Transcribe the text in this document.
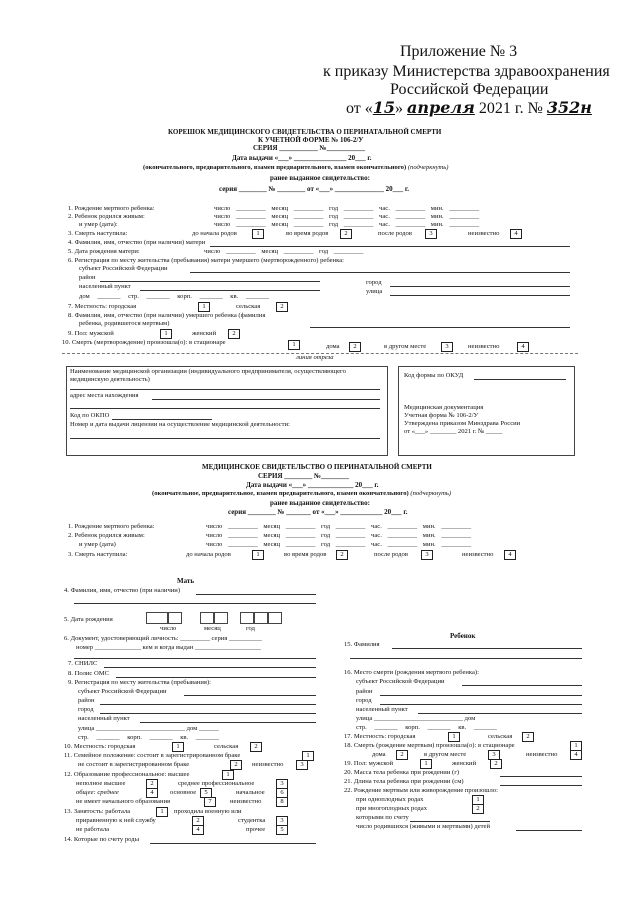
Приложение № 3
к приказу Министерства здравоохранения
Российской Федерации
от «15» апреля 2021 г. № 352н
КОРЕШОК МЕДИЦИНСКОГО СВИДЕТЕЛЬСТВА О ПЕРИНАТАЛЬНОЙ СМЕРТИ
К УЧЕТНОЙ ФОРМЕ № 106-2/У
СЕРИЯ ___________ №___________
Дата выдачи «___» _______________ 20___ г.
(окончательного, предварительного, взамен предварительного, взамен окончательного) (подчеркнуть)
ранее выданное свидетельство:
серия ________ № ________ от «___» ______________ 20___ г.
1. Рождение мертвого ребенка:	число _________ месяц _________ год _________ час. _________ мин. _________
2. Ребенок родился живым:	число _________ месяц _________ год _________ час. _________ мин. _________
и умер (дата):	число _________ месяц _________ год _________ час. _________ мин. _________
3. Смерть наступила:	до начала родов	1	во время родов	2	после родов	3	неизвестно	4
4. Фамилия, имя, отчество (при наличии) матери
5. Дата рождения матери:	число _________ месяц _________ год _________
6. Регистрация по месту жительства (пребывания) матери умершего (мертворожденного) ребенка:
субъект Российской Федерации
район
город
населенный пункт
улица
дом _______ стр. _______ корп. _______ кв. _______
7. Местность: городская	1	сельская	2
8. Фамилия, имя, отчество (при наличии) умершего ребенка (фамилия
ребенка, родившегося мертвым)
9. Пол: мужской	1	женский	2
10. Смерть (мертворождение) произошла(о): в стационаре	1	дома	2	в другом месте	3	неизвестно	4
линия отреза
Наименование медицинской организации (индивидуального предпринимателя, осуществляющего медицинскую деятельность)
адрес места нахождения
Код по ОКПО
Номер и дата выдачи лицензии на осуществление медицинской деятельности:
Код формы по ОКУД
Медицинская документация
Учетная форма № 106-2/У
Утверждена приказом Минздрава России
от «___» ________ 2021 г. № _____
МЕДИЦИНСКОЕ СВИДЕТЕЛЬСТВО О ПЕРИНАТАЛЬНОЙ СМЕРТИ
СЕРИЯ ________ №________
Дата выдачи «___» _____________ 20___ г.
(окончательное, предварительное, взамен предварительного, взамен окончательного) (подчеркнуть)
ранее выданное свидетельство:
серия ________ № _______ от «___» ____________ 20___ г.
1. Рождение мертвого ребенка:	число _________ месяц _________ год _________ час. _________ мин. _________
2. Ребенок родился живым:	число _________ месяц _________ год _________ час. _________ мин. _________
и умер (дата)	число _________ месяц _________ год _________ час. _________ мин. _________
3. Смерть наступила:	до начала родов	1	во время родов	2	после родов	3	неизвестно	4
Мать
4. Фамилия, имя, отчество (при наличии)
5. Дата рождения
число	месяц	год
6. Документ, удостоверяющий личность: _________ серия __________
номер ______________ кем и когда выдан ____________________
7. СНИЛС
8. Полис ОМС
9. Регистрация по месту жительства (пребывания):
субъект Российской Федерации
район
город
населенный пункт
улица ___________________________ дом ______
стр. _______ корп. _______ кв. _______
10. Местность: городская	1	сельская	2
11. Семейное положение: состоит в зарегистрированном браке	1
не состоит в зарегистрированном браке	2	неизвестно	3
12. Образование профессиональное: высшее	1
неполное высшее	2	среднее профессиональное	3
общее: среднее	4	основное	5	начальное	6
не имеет начального образования	7	неизвестно	8
13. Занятость: работала	1	проходила военную или
приравненную к ней службу	2	студентка	3
не работала	4	прочее	5
14. Которые по счету роды
Ребенок
15. Фамилия
16. Место смерти (рождения мертвого ребенка):
субъект Российской Федерации
район
город
населенный пункт
улица ___________________________ дом
стр. _______ корп. _______ кв. _______
17. Местность: городская	1	сельская	2
18. Смерть (рождение мертвым) произошла(о): в стационаре	1
дома	2	в другом месте	3	неизвестно	4
19. Пол: мужской	1	женский	2
20. Масса тела ребенка при рождении (г)
21. Длина тела ребенка при рождении (см)
22. Рождение мертвым или живорождение произошло:
при одноплодных родах	1
при многоплодных родах	2
которыми по счету
число родившихся (живыми и мертвыми) детей
